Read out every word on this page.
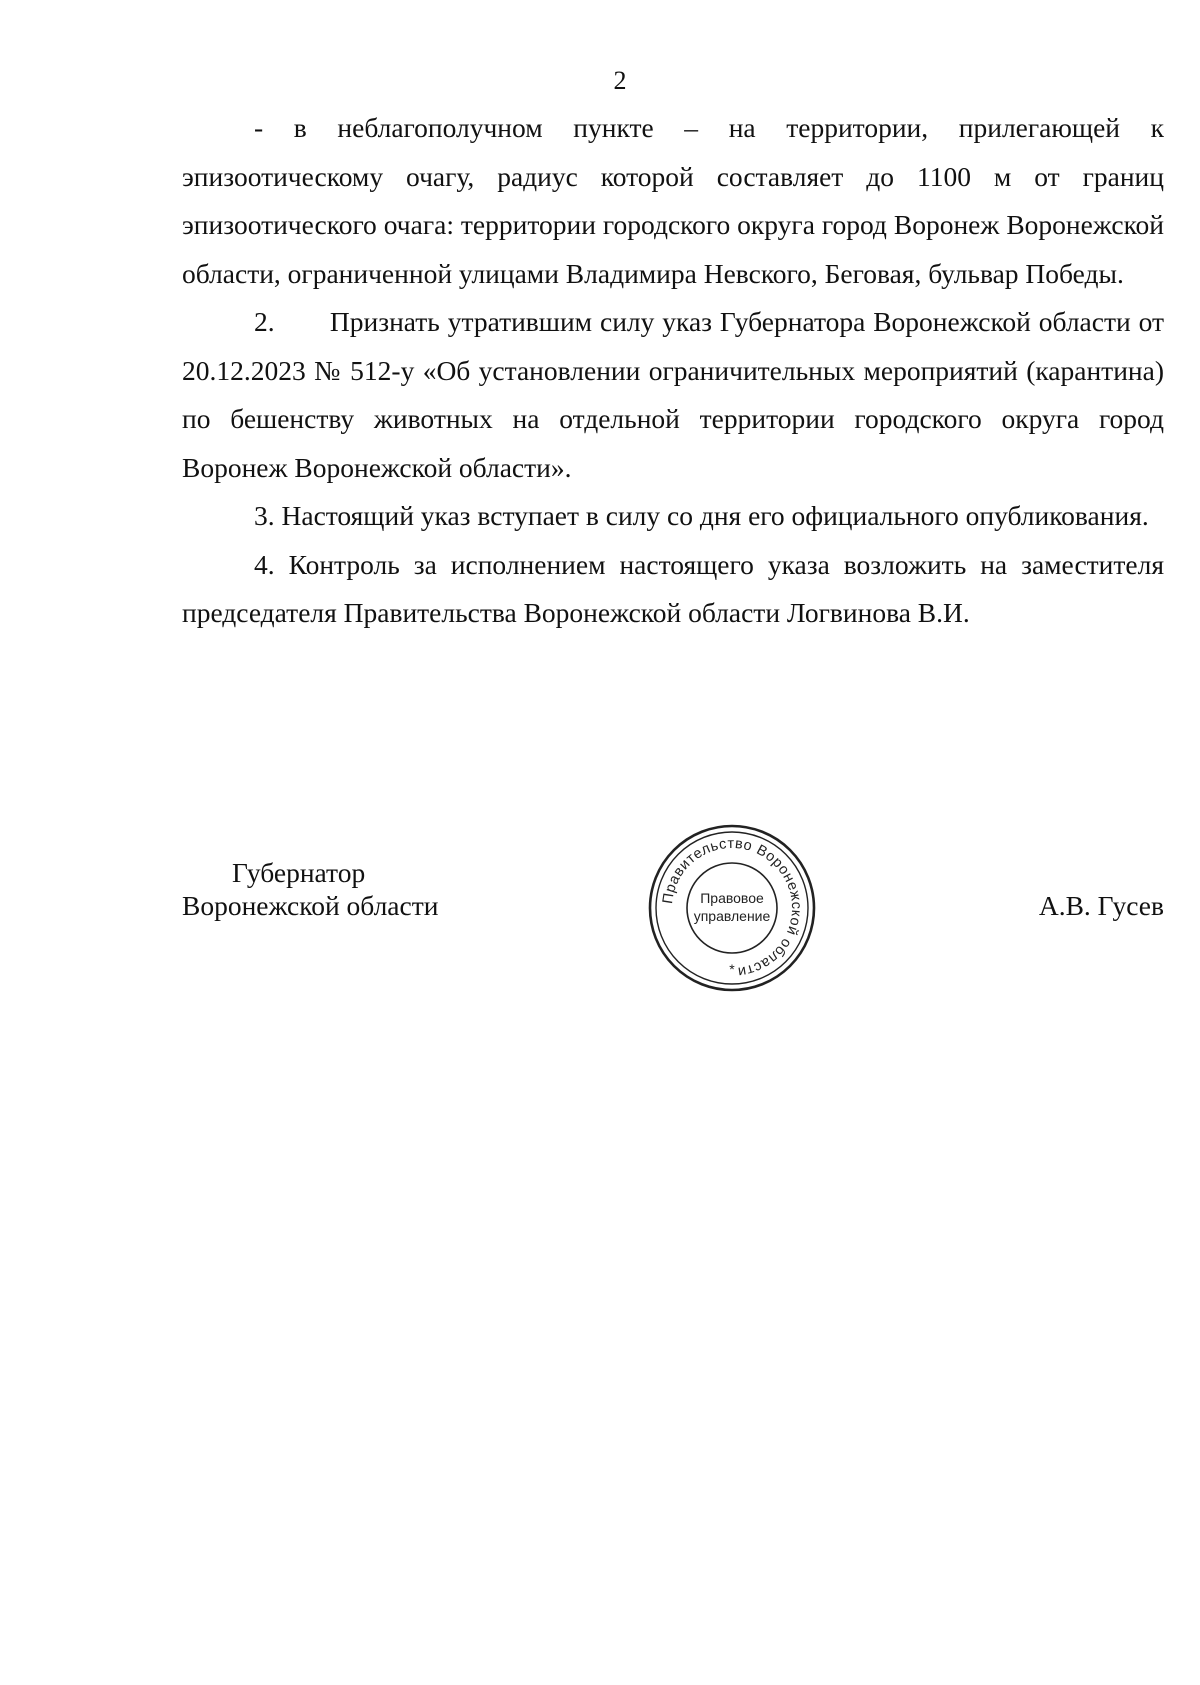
2

- в неблагополучном пункте – на территории, прилегающей к эпизоотическому очагу, радиус которой составляет до 1100 м от границ эпизоотического очага: территории городского округа город Воронеж Воронежской области, ограниченной улицами Владимира Невского, Беговая, бульвар Победы.

2.       Признать утратившим силу указ Губернатора Воронежской области от 20.12.2023 № 512-у «Об установлении ограничительных мероприятий (карантина) по бешенству животных на отдельной территории городского округа город Воронеж Воронежской области».

3. Настоящий указ вступает в силу со дня его официального опубликования.

4. Контроль за исполнением настоящего указа возложить на заместителя председателя Правительства Воронежской области Логвинова В.И.

Губернатор
Воронежской области	Правительство Воронежской области
Правовое
управление
*
А.В. Гусев
